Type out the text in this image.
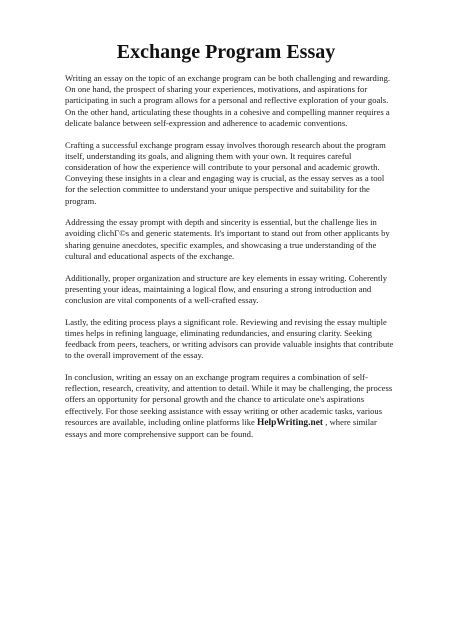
Exchange Program Essay

Writing an essay on the topic of an exchange program can be both challenging and rewarding. On one hand, the prospect of sharing your experiences, motivations, and aspirations for participating in such a program allows for a personal and reflective exploration of your goals. On the other hand, articulating these thoughts in a cohesive and compelling manner requires a delicate balance between self-expression and adherence to academic conventions.

Crafting a successful exchange program essay involves thorough research about the program itself, understanding its goals, and aligning them with your own. It requires careful consideration of how the experience will contribute to your personal and academic growth. Conveying these insights in a clear and engaging way is crucial, as the essay serves as a tool for the selection committee to understand your unique perspective and suitability for the program.

Addressing the essay prompt with depth and sincerity is essential, but the challenge lies in avoiding clichГ©s and generic statements. It's important to stand out from other applicants by sharing genuine anecdotes, specific examples, and showcasing a true understanding of the cultural and educational aspects of the exchange.

Additionally, proper organization and structure are key elements in essay writing. Coherently presenting your ideas, maintaining a logical flow, and ensuring a strong introduction and conclusion are vital components of a well-crafted essay.

Lastly, the editing process plays a significant role. Reviewing and revising the essay multiple times helps in refining language, eliminating redundancies, and ensuring clarity. Seeking feedback from peers, teachers, or writing advisors can provide valuable insights that contribute to the overall improvement of the essay.

In conclusion, writing an essay on an exchange program requires a combination of self-reflection, research, creativity, and attention to detail. While it may be challenging, the process offers an opportunity for personal growth and the chance to articulate one's aspirations effectively. For those seeking assistance with essay writing or other academic tasks, various resources are available, including online platforms like HelpWriting.net , where similar essays and more comprehensive support can be found.
